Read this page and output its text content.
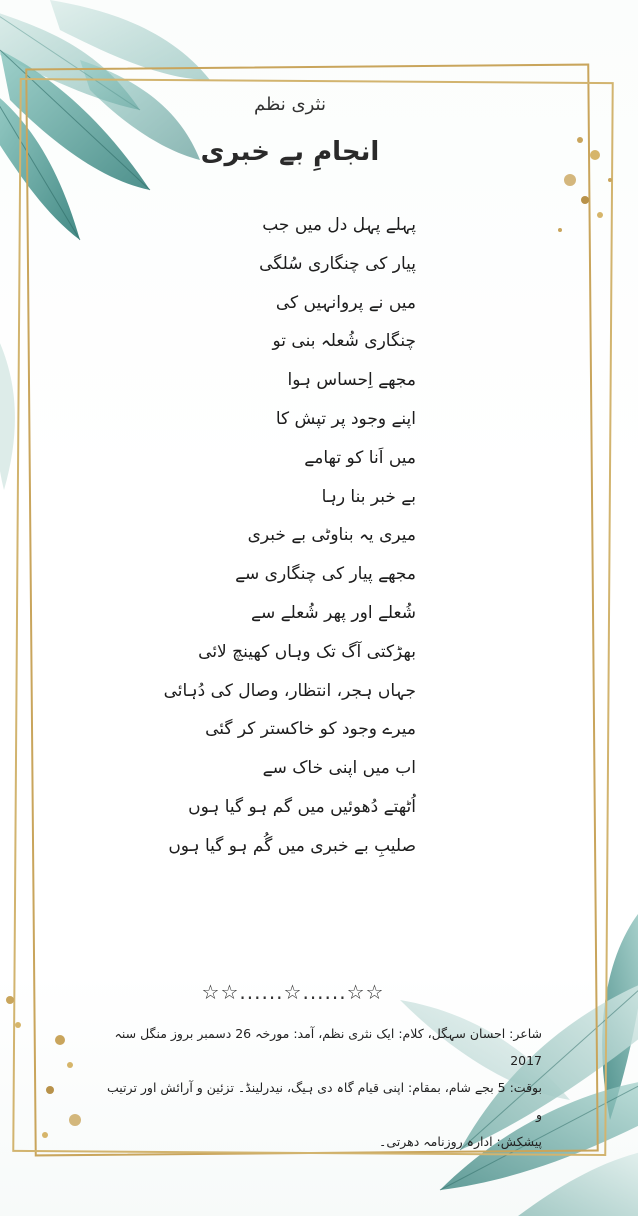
نثری نظم
انجامِ بے خبری
پہلے پہل دل میں جب
پیار کی چنگاری سُلگی
میں نے پروانہیں کی
چنگاری شُعلہ بنی تو
مجھے اِحساس ہوا
اپنے وجود پر تپش کا
میں اَنا کو تھامے
بے خبر بنا رہا
میری یہ بناوٹی بے خبری
مجھے پیار کی چنگاری سے
شُعلے اور پھر شُعلے سے
بھڑکتی آگ تک وہاں کھینچ لائی
جہاں ہجر، انتظار، وصال کی دُہائی
میرے وجود کو خاکستر کر گئی
اب میں اپنی خاک سے
اُٹھتے دُھوئیں میں گم ہو گیا ہوں
صلیبِ بے خبری میں گُم ہو گیا ہوں
☆☆......☆......☆☆

شاعر: احسان سہگل، کلام: ایک نثری نظم، آمد: مورخہ 26 دسمبر بروز منگل سنہ 2017

بوقت: 5 بجے شام، بمقام: اپنی قیام گاہ دی ہیگ، نیدرلینڈ۔ تزئین و آرائش اور ترتیب و

پیشکش: ادارہ روزنامہ دھرتی۔
